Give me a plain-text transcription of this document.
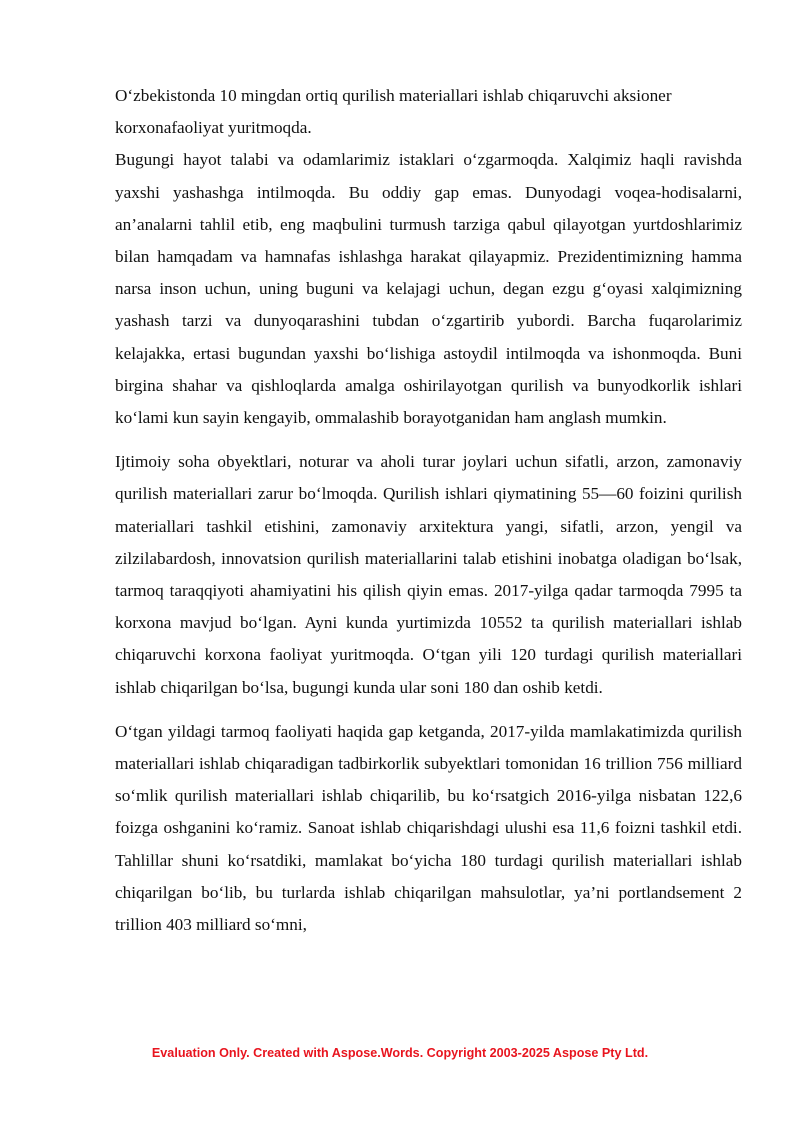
O‘zbekistonda 10 mingdan ortiq qurilish materiallari ishlab chiqaruvchi aksioner korxonafaoliyat yuritmoqda.

Bugungi hayot talabi va odamlarimiz istaklari o‘zgarmoqda. Xalqimiz haqli ravishda yaxshi yashashga intilmoqda. Bu oddiy gap emas. Dunyodagi voqea-hodisalarni, an’analarni tahlil etib, eng maqbulini turmush tarziga qabul qilayotgan yurtdoshlarimiz bilan hamqadam va hamnafas ishlashga harakat qilayapmiz. Prezidentimizning hamma narsa inson uchun, uning buguni va kelajagi uchun, degan ezgu g‘oyasi xalqimizning yashash tarzi va dunyoqarashini tubdan o‘zgartirib yubordi. Barcha fuqarolarimiz kelajakka, ertasi bugundan yaxshi bo‘lishiga astoydil intilmoqda va ishonmoqda. Buni birgina shahar va qishloqlarda amalga oshirilayotgan qurilish va bunyodkorlik ishlari ko‘lami kun sayin kengayib, ommalashib borayotganidan ham anglash mumkin.

Ijtimoiy soha obyektlari, noturar va aholi turar joylari uchun sifatli, arzon, zamonaviy qurilish materiallari zarur bo‘lmoqda. Qurilish ishlari qiymatining 55—60 foizini qurilish materiallari tashkil etishini, zamonaviy arxitektura yangi, sifatli, arzon, yengil va zilzilabardosh, innovatsion qurilish materiallarini talab etishini inobatga oladigan bo‘lsak, tarmoq taraqqiyoti ahamiyatini his qilish qiyin emas. 2017-yilga qadar tarmoqda 7995 ta korxona mavjud bo‘lgan. Ayni kunda yurtimizda 10552 ta qurilish materiallari ishlab chiqaruvchi korxona faoliyat yuritmoqda. O‘tgan yili 120 turdagi qurilish materiallari ishlab chiqarilgan bo‘lsa, bugungi kunda ular soni 180 dan oshib ketdi.

O‘tgan yildagi tarmoq faoliyati haqida gap ketganda, 2017-yilda mamlakatimizda qurilish materiallari ishlab chiqaradigan tadbirkorlik subyektlari tomonidan 16 trillion 756 milliard so‘mlik qurilish materiallari ishlab chiqarilib, bu ko‘rsatgich 2016-yilga nisbatan 122,6 foizga oshganini ko‘ramiz. Sanoat ishlab chiqarishdagi ulushi esa 11,6 foizni tashkil etdi. Tahlillar shuni ko‘rsatdiki, mamlakat bo‘yicha 180 turdagi qurilish materiallari ishlab chiqarilgan bo‘lib, bu turlarda ishlab chiqarilgan mahsulotlar, ya’ni portlandsement 2 trillion 403 milliard so‘mni,

Evaluation Only. Created with Aspose.Words. Copyright 2003-2025 Aspose Pty Ltd.
